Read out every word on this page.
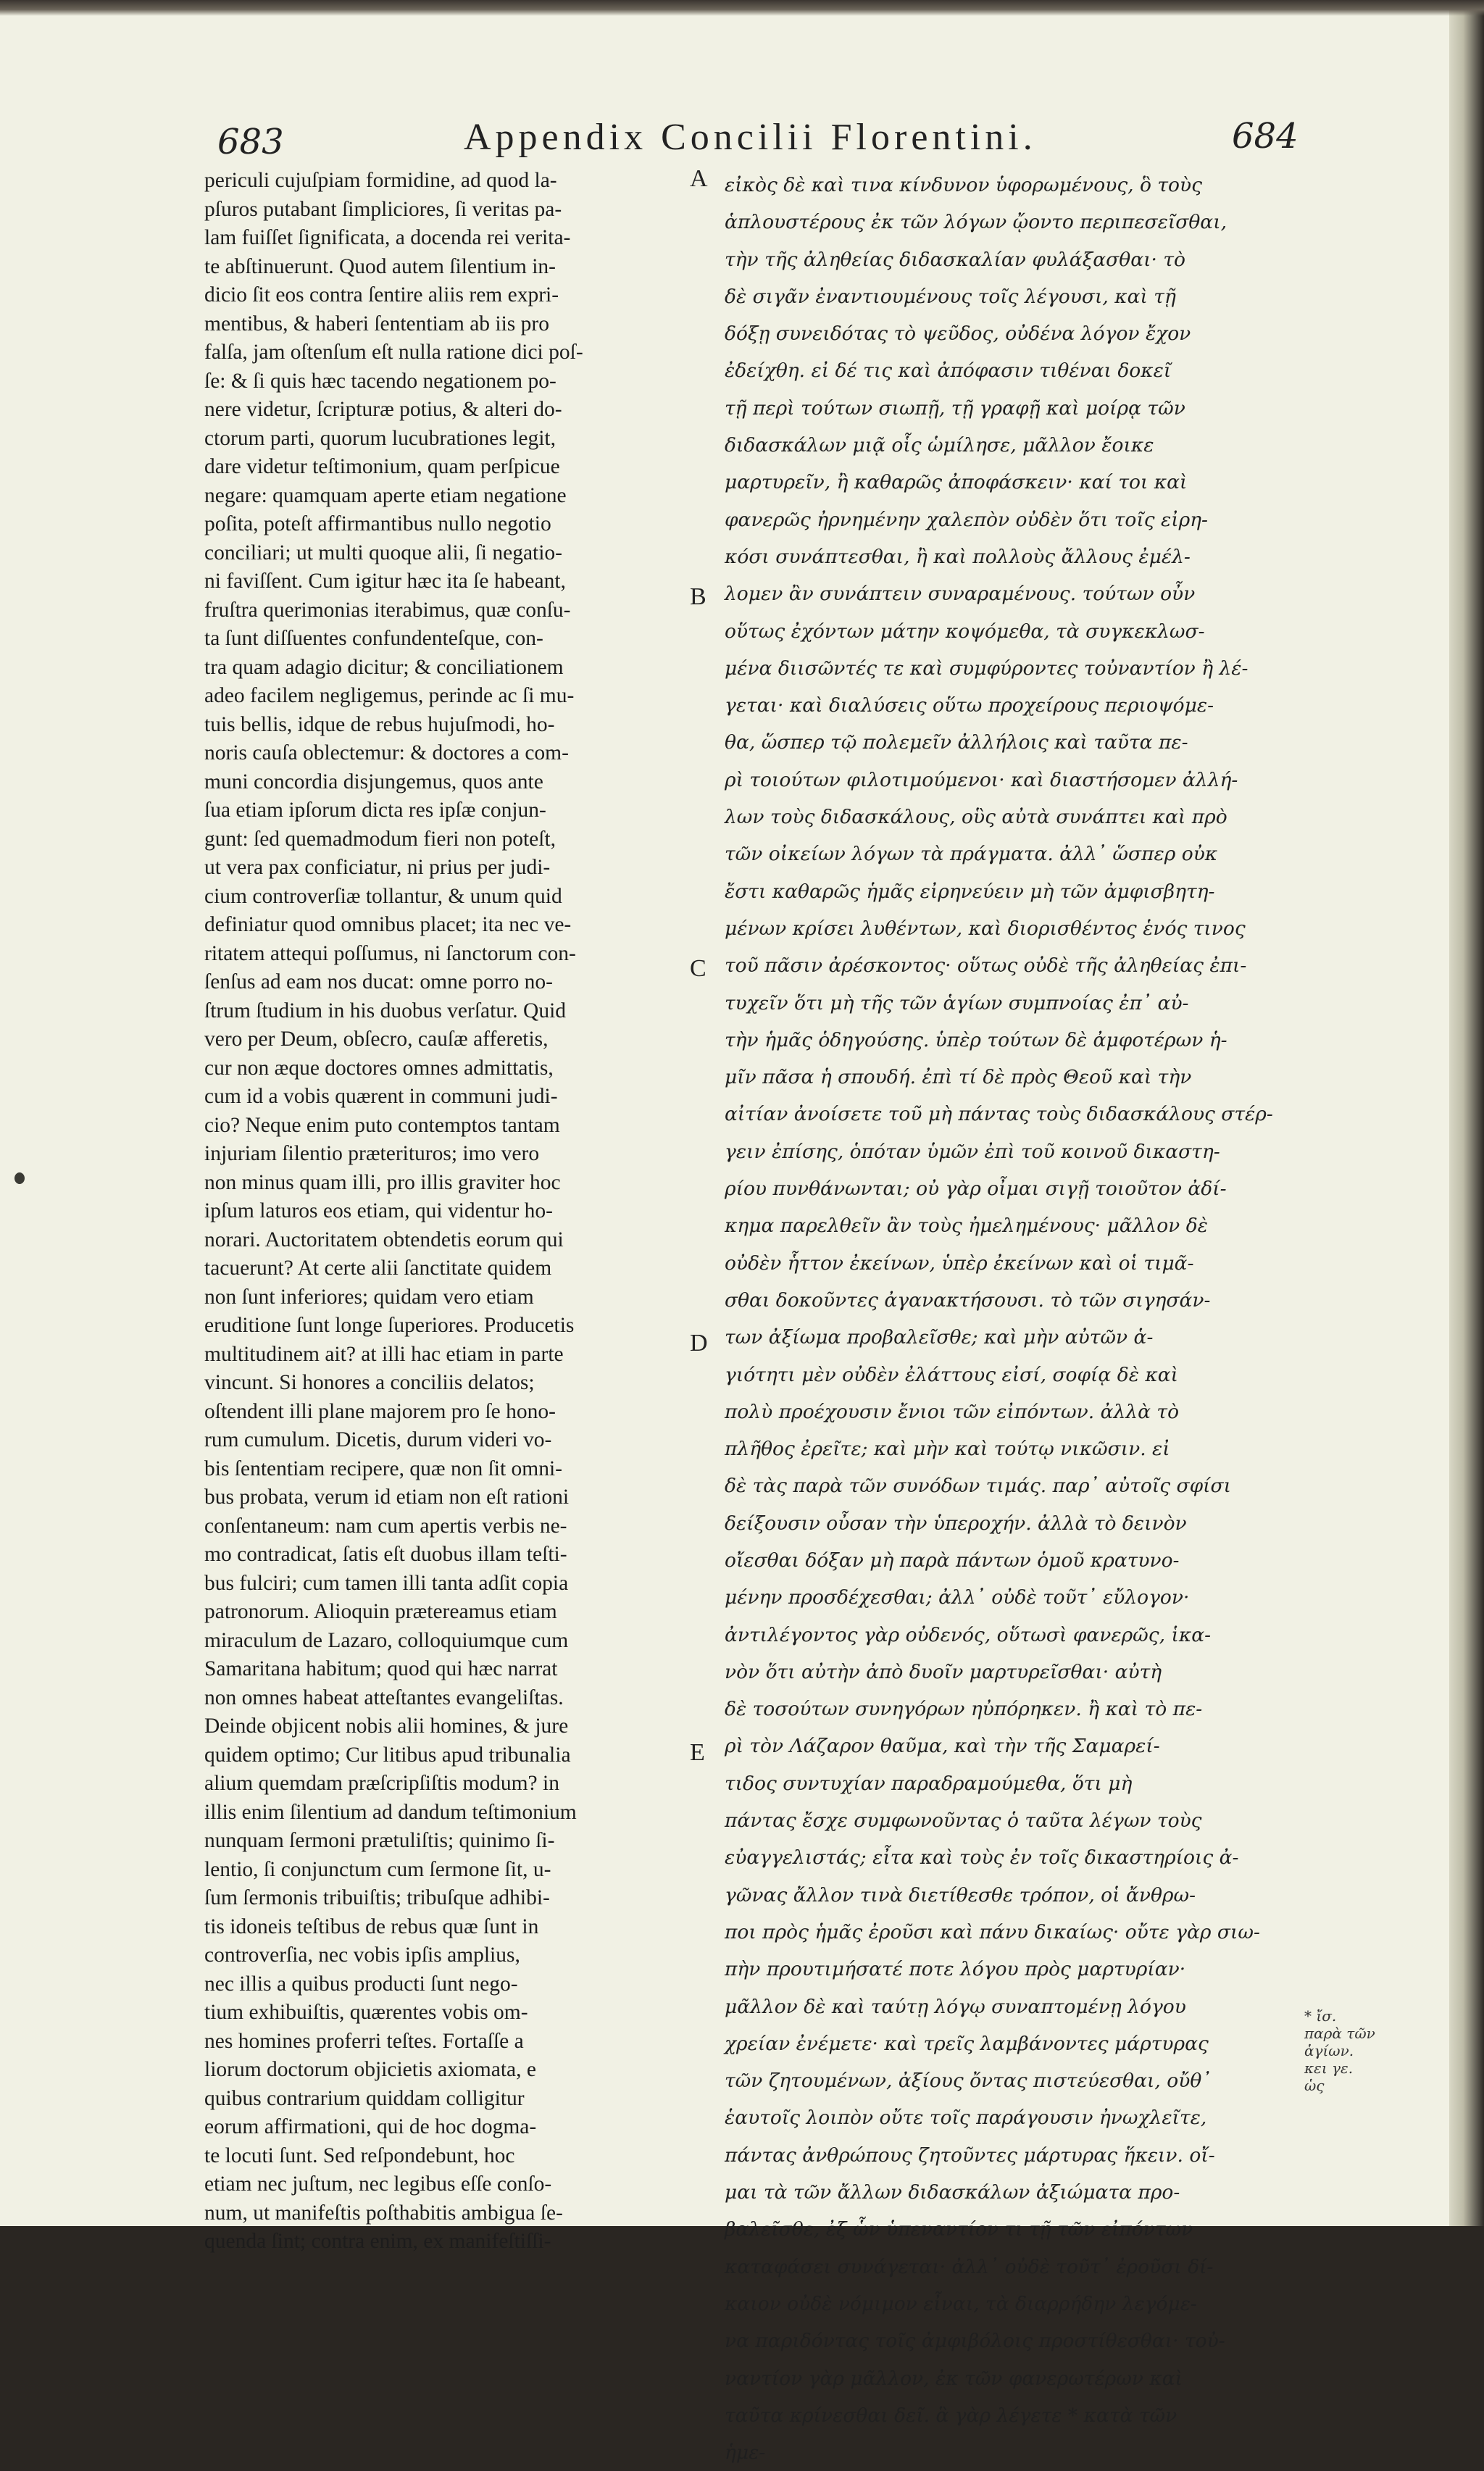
683	Appendix Concilii Florentini.	684
periculi cujuſpiam formidine, ad quod la-
pſuros putabant ſimpliciores, ſi veritas pa-
lam fuiſſet ſignificata, a docenda rei verita-
te abſtinuerunt. Quod autem ſilentium in-
dicio ſit eos contra ſentire aliis rem expri-
mentibus, & haberi ſententiam ab iis pro
falſa, jam oſtenſum eſt nulla ratione dici poſ-
ſe: & ſi quis hæc tacendo negationem po-
nere videtur, ſcripturæ potius, & alteri do-
ctorum parti, quorum lucubrationes legit,
dare videtur teſtimonium, quam perſpicue
negare: quamquam aperte etiam negatione
poſita, poteſt affirmantibus nullo negotio
conciliari; ut multi quoque alii, ſi negatio-
ni faviſſent. Cum igitur hæc ita ſe habeant,
fruſtra querimonias iterabimus, quæ conſu-
ta ſunt diſſuentes confundenteſque, con-
tra quam adagio dicitur; & conciliationem
adeo facilem negligemus, perinde ac ſi mu-
tuis bellis, idque de rebus hujuſmodi, ho-
noris cauſa oblectemur: & doctores a com-
muni concordia disjungemus, quos ante
ſua etiam ipſorum dicta res ipſæ conjun-
gunt: ſed quemadmodum fieri non poteſt,
ut vera pax conficiatur, ni prius per judi-
cium controverſiæ tollantur, & unum quid
definiatur quod omnibus placet; ita nec ve-
ritatem attequi poſſumus, ni ſanctorum con-
ſenſus ad eam nos ducat: omne porro no-
ſtrum ſtudium in his duobus verſatur. Quid
vero per Deum, obſecro, cauſæ afferetis,
cur non æque doctores omnes admittatis,
cum id a vobis quærent in communi judi-
cio? Neque enim puto contemptos tantam
injuriam ſilentio præterituros; imo vero
non minus quam illi, pro illis graviter hoc
ipſum laturos eos etiam, qui videntur ho-
norari. Auctoritatem obtendetis eorum qui
tacuerunt? At certe alii ſanctitate quidem
non ſunt inferiores; quidam vero etiam
eruditione ſunt longe ſuperiores. Producetis
multitudinem ait? at illi hac etiam in parte
vincunt. Si honores a conciliis delatos;
oſtendent illi plane majorem pro ſe hono-
rum cumulum. Dicetis, durum videri vo-
bis ſententiam recipere, quæ non ſit omni-
bus probata, verum id etiam non eſt rationi
conſentaneum: nam cum apertis verbis ne-
mo contradicat, ſatis eſt duobus illam teſti-
bus fulciri; cum tamen illi tanta adſit copia
patronorum. Alioquin prætereamus etiam
miraculum de Lazaro, colloquiumque cum
Samaritana habitum; quod qui hæc narrat
non omnes habeat atteſtantes evangeliſtas.
Deinde objicent nobis alii homines, & jure
quidem optimo; Cur litibus apud tribunalia
alium quemdam præſcripſiſtis modum? in
illis enim ſilentium ad dandum teſtimonium
nunquam ſermoni prætuliſtis; quinimo ſi-
lentio, ſi conjunctum cum ſermone ſit, u-
ſum ſermonis tribuiſtis; tribuſque adhibi-
tis idoneis teſtibus de rebus quæ ſunt in
controverſia, nec vobis ipſis amplius,
nec illis a quibus producti ſunt nego-
tium exhibuiſtis, quærentes vobis om-
nes homines proferri teſtes. Fortaſſe a
liorum doctorum objicietis axiomata, e
quibus contrarium quiddam colligitur
eorum affirmationi, qui de hoc dogma-
te locuti ſunt. Sed reſpondebunt, hoc
etiam nec juſtum, nec legibus eſſe conſo-
num, ut manifeſtis poſthabitis ambigua ſe-
quenda ſint; contra enim, ex manifeſtiſſi-
A
B
C
D
E
εἰκὸς δὲ καὶ τινα κίνδυνον ὑφορωμένους, ὃ τοὺς
ἁπλουστέρους ἐκ τῶν λόγων ᾤοντο περιπεσεῖσθαι,
τὴν τῆς ἀληθείας διδασκαλίαν φυλάξασθαι· τὸ
δὲ σιγᾶν ἐναντιουμένους τοῖς λέγουσι, καὶ τῇ
δόξῃ συνειδότας τὸ ψεῦδος, οὐδένα λόγον ἔχον
ἐδείχθη. εἰ δέ τις καὶ ἀπόφασιν τιθέναι δοκεῖ
τῇ περὶ τούτων σιωπῇ, τῇ γραφῇ καὶ μοίρᾳ τῶν
διδασκάλων μιᾷ οἷς ὡμίλησε, μᾶλλον ἔοικε
μαρτυρεῖν, ἢ καθαρῶς ἀποφάσκειν· καί τοι καὶ
φανερῶς ἠρνημένην χαλεπὸν οὐδὲν ὅτι τοῖς εἰρη-
κόσι συνάπτεσθαι, ἢ καὶ πολλοὺς ἄλλους ἐμέλ-
λομεν ἂν συνάπτειν συναραμένους. τούτων οὖν
οὕτως ἐχόντων μάτην κοψόμεθα, τὰ συγκεκλωσ-
μένα διισῶντές τε καὶ συμφύροντες τοὐναντίον ἢ λέ-
γεται· καὶ διαλύσεις οὕτω προχείρους περιοψόμε-
θα, ὥσπερ τῷ πολεμεῖν ἀλλήλοις καὶ ταῦτα πε-
ρὶ τοιούτων φιλοτιμούμενοι· καὶ διαστήσομεν ἀλλή-
λων τοὺς διδασκάλους, οὓς αὐτὰ συνάπτει καὶ πρὸ
τῶν οἰκείων λόγων τὰ πράγματα. ἀλλ᾽ ὥσπερ οὐκ
ἔστι καθαρῶς ἡμᾶς εἰρηνεύειν μὴ τῶν ἀμφισβητη-
μένων κρίσει λυθέντων, καὶ διορισθέντος ἑνός τινος
τοῦ πᾶσιν ἀρέσκοντος· οὕτως οὐδὲ τῆς ἀληθείας ἐπι-
τυχεῖν ὅτι μὴ τῆς τῶν ἁγίων συμπνοίας ἐπ᾽ αὐ-
τὴν ἡμᾶς ὁδηγούσης. ὑπὲρ τούτων δὲ ἀμφοτέρων ἡ-
μῖν πᾶσα ἡ σπουδή. ἐπὶ τί δὲ πρὸς Θεοῦ καὶ τὴν
αἰτίαν ἀνοίσετε τοῦ μὴ πάντας τοὺς διδασκάλους στέρ-
γειν ἐπίσης, ὁπόταν ὑμῶν ἐπὶ τοῦ κοινοῦ δικαστη-
ρίου πυνθάνωνται; οὐ γὰρ οἶμαι σιγῇ τοιοῦτον ἀδί-
κημα παρελθεῖν ἂν τοὺς ἠμελημένους· μᾶλλον δὲ
οὐδὲν ἧττον ἐκείνων, ὑπὲρ ἐκείνων καὶ οἱ τιμᾶ-
σθαι δοκοῦντες ἀγανακτήσουσι. τὸ τῶν σιγησάν-
των ἀξίωμα προβαλεῖσθε; καὶ μὴν αὐτῶν ἁ-
γιότητι μὲν οὐδὲν ἐλάττους εἰσί, σοφίᾳ δὲ καὶ
πολὺ προέχουσιν ἔνιοι τῶν εἰπόντων. ἀλλὰ τὸ
πλῆθος ἐρεῖτε; καὶ μὴν καὶ τούτῳ νικῶσιν. εἰ
δὲ τὰς παρὰ τῶν συνόδων τιμάς. παρ᾽ αὐτοῖς σφίσι
δείξουσιν οὖσαν τὴν ὑπεροχήν. ἀλλὰ τὸ δεινὸν
οἴεσθαι δόξαν μὴ παρὰ πάντων ὁμοῦ κρατυνο-
μένην προσδέχεσθαι; ἀλλ᾽ οὐδὲ τοῦτ᾽ εὔλογον·
ἀντιλέγοντος γὰρ οὐδενός, οὕτωσὶ φανερῶς, ἱκα-
νὸν ὅτι αὐτὴν ἀπὸ δυοῖν μαρτυρεῖσθαι· αὐτὴ
δὲ τοσούτων συνηγόρων ηὐπόρηκεν. ἢ καὶ τὸ πε-
ρὶ τὸν Λάζαρον θαῦμα, καὶ τὴν τῆς Σαμαρεί-
τιδος συντυχίαν παραδραμούμεθα, ὅτι μὴ
πάντας ἔσχε συμφωνοῦντας ὁ ταῦτα λέγων τοὺς
εὐαγγελιστάς; εἶτα καὶ τοὺς ἐν τοῖς δικαστηρίοις ἀ-
γῶνας ἄλλον τινὰ διετίθεσθε τρόπον, οἱ ἄνθρω-
ποι πρὸς ἡμᾶς ἐροῦσι καὶ πάνυ δικαίως· οὔτε γὰρ σιω-
πὴν προυτιμήσατέ ποτε λόγου πρὸς μαρτυρίαν·
μᾶλλον δὲ καὶ ταύτῃ λόγῳ συναπτομένῃ λόγου
χρείαν ἐνέμετε· καὶ τρεῖς λαμβάνοντες μάρτυρας
τῶν ζητουμένων, ἀξίους ὄντας πιστεύεσθαι, οὔθ᾽
ἑαυτοῖς λοιπὸν οὔτε τοῖς παράγουσιν ἠνωχλεῖτε,
πάντας ἀνθρώπους ζητοῦντες μάρτυρας ἥκειν. οἴ-
μαι τὰ τῶν ἄλλων διδασκάλων ἀξιώματα προ-
βαλεῖσθε, ἐξ ὧν ὑπεναντίον τι τῇ τῶν εἰπόντων
καταφάσει συνάγεται· ἀλλ᾽ οὐδὲ τοῦτ᾽ ἐροῦσι δί-
καιον οὐδὲ νόμιμον εἶναι, τὰ διαρρήδην λεγόμε-
να παριδόντας τοῖς ἀμφιβόλοις προστίθεσθαι· τοὐ-
ναντίον γὰρ μᾶλλον, ἐκ τῶν φανερωτέρων καὶ
ταῦτα κρίνεσθαι δεῖ. ἃ γὰρ λέγετε * κατὰ τῶν
ἡμε-
* ἴσ. παρὰ τῶν ἁγίων. κει γε. ὡς
